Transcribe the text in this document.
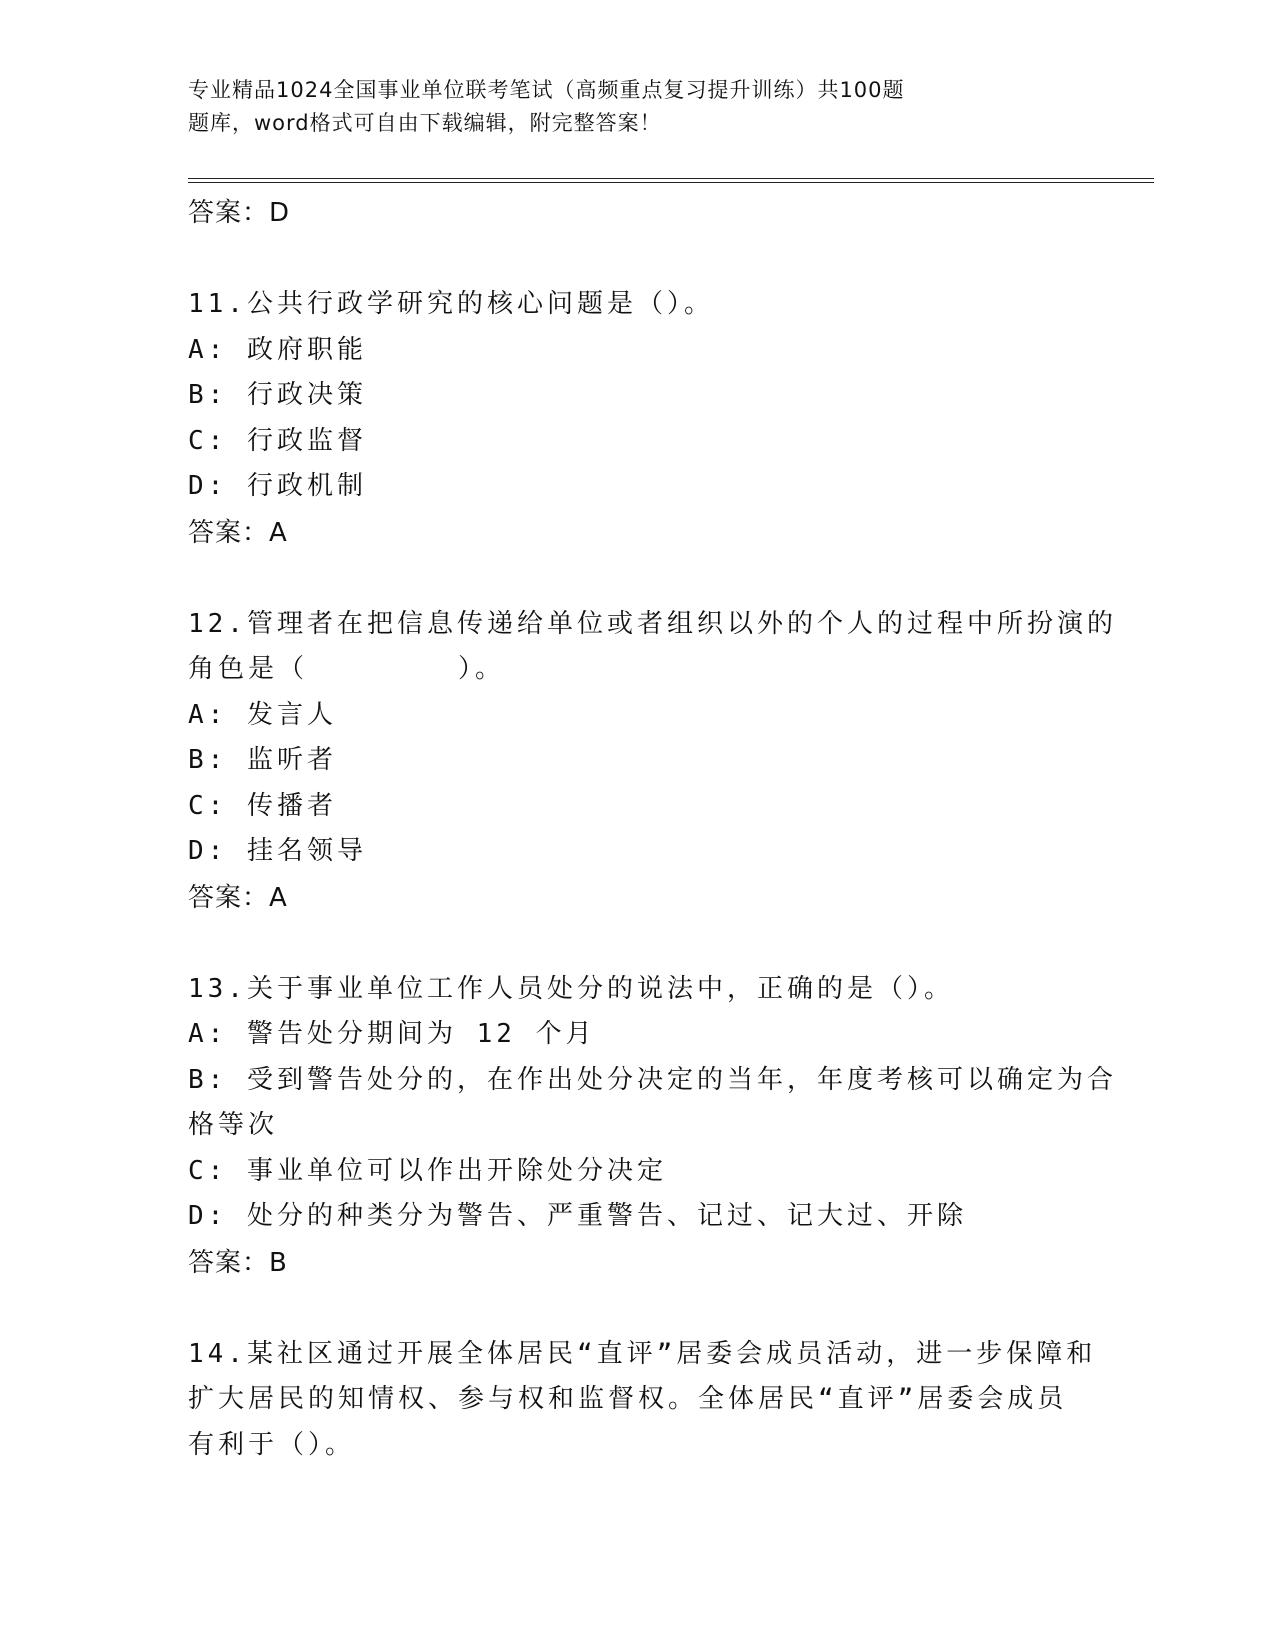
专业精品1024全国事业单位联考笔试（高频重点复习提升训练）共100题
题库，word格式可自由下载编辑，附完整答案！

答案：D

11.公共行政学研究的核心问题是（）。

A: 政府职能

B: 行政决策

C: 行政监督

D: 行政机制

答案：A

12.管理者在把信息传递给单位或者组织以外的个人的过程中所扮演的
角色是（　　　　　）。

A: 发言人

B: 监听者

C: 传播者

D: 挂名领导

答案：A

13.关于事业单位工作人员处分的说法中，正确的是（）。

A: 警告处分期间为 12 个月

B: 受到警告处分的，在作出处分决定的当年，年度考核可以确定为合
格等次

C: 事业单位可以作出开除处分决定

D: 处分的种类分为警告、严重警告、记过、记大过、开除

答案：B

14.某社区通过开展全体居民“直评”居委会成员活动，进一步保障和
扩大居民的知情权、参与权和监督权。全体居民“直评”居委会成员
有利于（）。
